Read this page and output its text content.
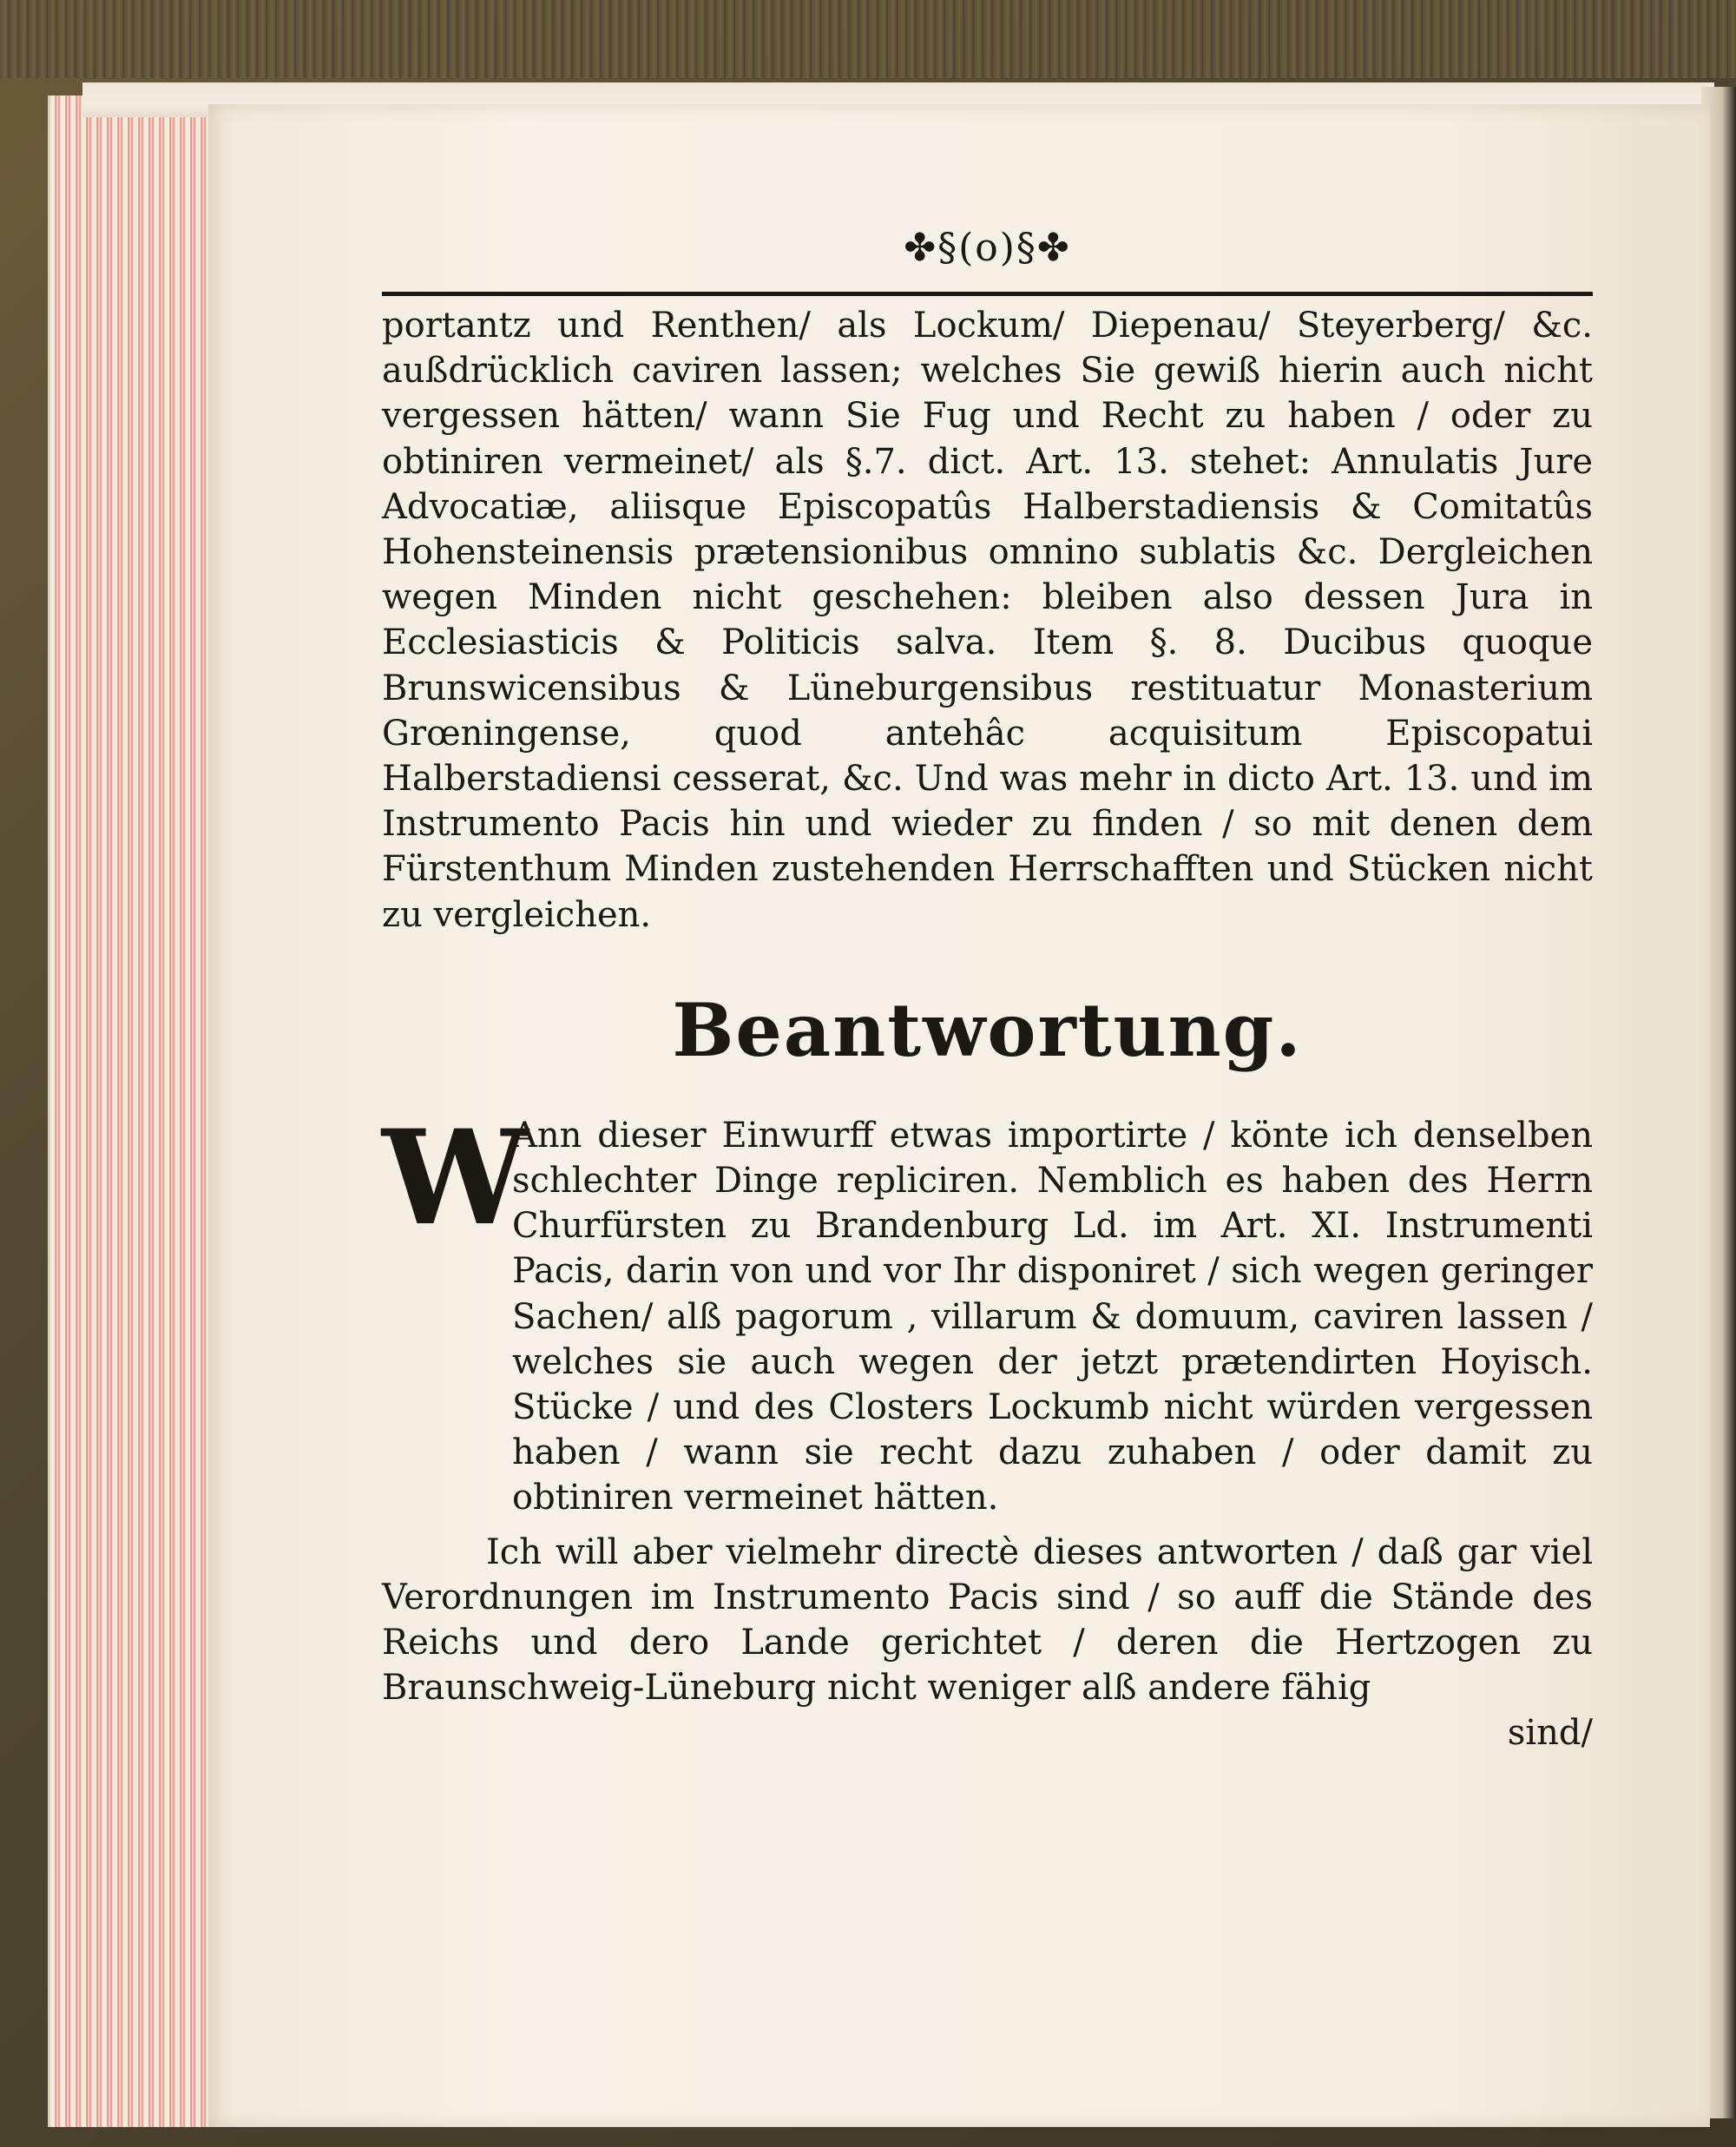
✤§(o)§✤

portantz und Renthen/ als Lockum/ Diepenau/ Steyerberg/ &c. außdrücklich caviren lassen; welches Sie gewiß hierin auch nicht vergessen hätten/ wann Sie Fug und Recht zu haben / oder zu obtiniren vermeinet/ als §.7. dict. Art. 13. stehet: Annulatis Jure Advocatiæ, aliisque Episcopatûs Halberstadiensis & Comitatûs Hohensteinensis prætensionibus omnino sublatis &c. Dergleichen wegen Minden nicht geschehen: bleiben also dessen Jura in Ecclesiasticis & Politicis salva. Item §. 8. Ducibus quoque Brunswicensibus & Lüneburgensibus restituatur Monasterium Grœningense, quod antehâc acquisitum Episcopatui Halberstadiensi cesserat, &c. Und was mehr in dicto Art. 13. und im Instrumento Pacis hin und wieder zu finden / so mit denen dem Fürstenthum Minden zustehenden Herrschafften und Stücken nicht zu vergleichen.

Beantwortung.
W

Ann dieser Einwurff etwas importirte / könte ich denselben schlechter Dinge repliciren. Nemblich es haben des Herrn Churfürsten zu Brandenburg Ld. im Art. XI. Instrumenti Pacis, darin von und vor Ihr disponiret / sich wegen geringer Sachen/ alß pagorum , villarum & domuum, caviren lassen / welches sie auch wegen der jetzt prætendirten Hoyisch. Stücke / und des Closters Lockumb nicht würden vergessen haben / wann sie recht dazu zuhaben / oder damit zu obtiniren vermeinet hätten.

Ich will aber vielmehr directè dieses antworten / daß gar viel Verordnungen im Instrumento Pacis sind / so auff die Stände des Reichs und dero Lande gerichtet / deren die Hertzogen zu Braunschweig-Lüneburg nicht weniger alß andere fähig

sind/
